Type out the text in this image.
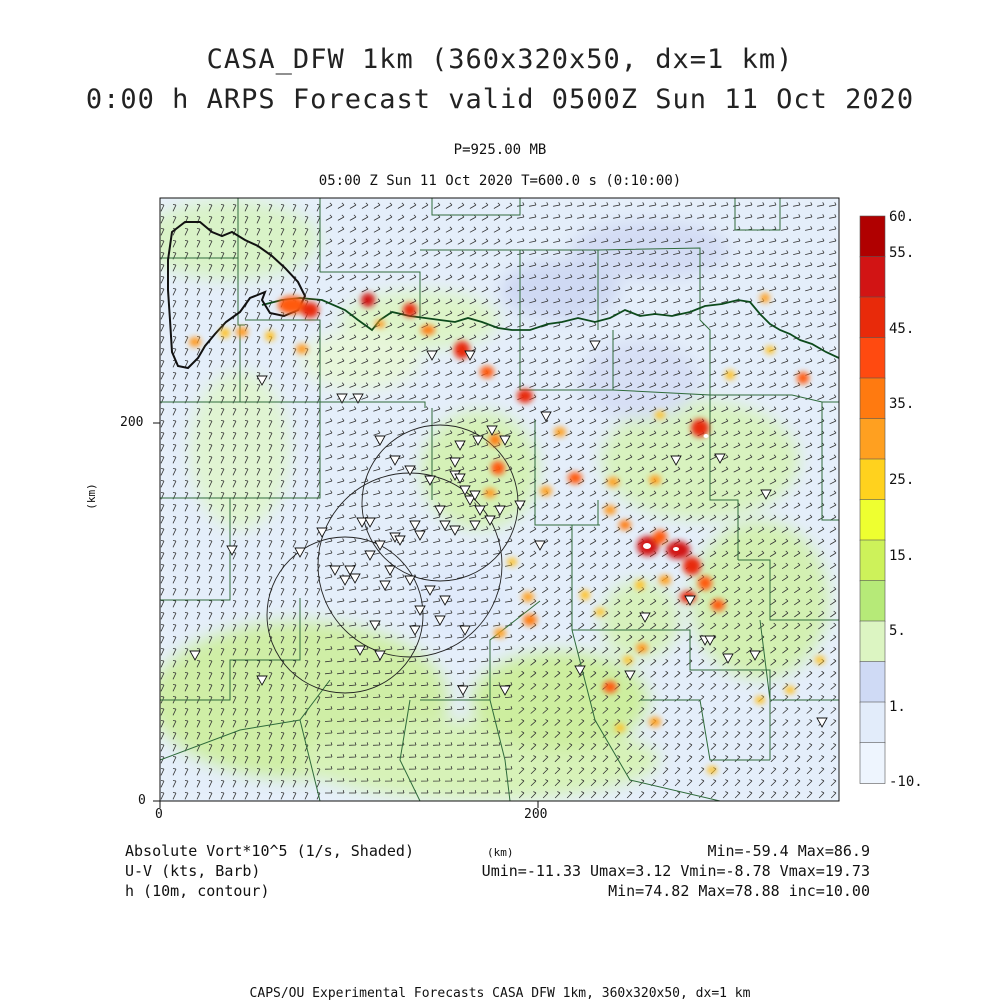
CASA_DFW 1km (360x320x50, dx=1 km)
0:00 h ARPS Forecast valid 0500Z Sun 11 Oct 2020
P=925.00 MB
05:00 Z Sun 11 Oct 2020 T=600.0 s (0:10:00)
200
0
0	200
(km)
(km)
60.
55.
45.
35.
25.
15.
5.
1.
-10.
Absolute Vort*10^5 (1/s, Shaded)	Min=-59.4 Max=86.9
U-V (kts, Barb)	Umin=-11.33 Umax=3.12 Vmin=-8.78 Vmax=19.73
h (10m, contour)	Min=74.82 Max=78.88 inc=10.00
CAPS/OU Experimental Forecasts CASA DFW 1km, 360x320x50, dx=1 km
